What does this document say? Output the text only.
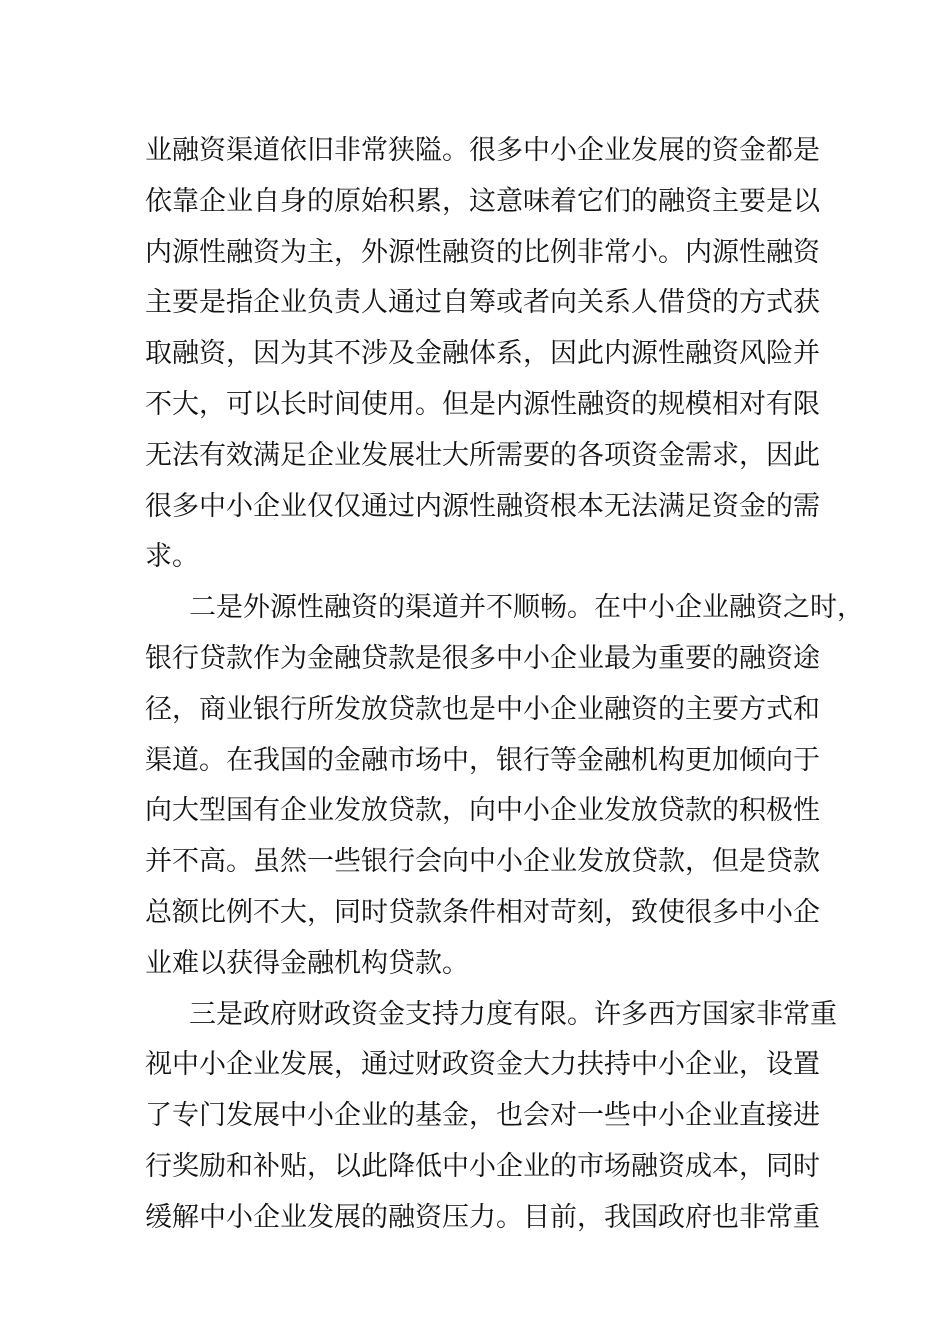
业融资渠道依旧非常狭隘。很多中小企业发展的资金都是
依靠企业自身的原始积累，这意味着它们的融资主要是以
内源性融资为主，外源性融资的比例非常小。内源性融资
主要是指企业负责人通过自筹或者向关系人借贷的方式获
取融资，因为其不涉及金融体系，因此内源性融资风险并
不大，可以长时间使用。但是内源性融资的规模相对有限
无法有效满足企业发展壮大所需要的各项资金需求，因此
很多中小企业仅仅通过内源性融资根本无法满足资金的需
求。
二是外源性融资的渠道并不顺畅。在中小企业融资之时，
银行贷款作为金融贷款是很多中小企业最为重要的融资途
径，商业银行所发放贷款也是中小企业融资的主要方式和
渠道。在我国的金融市场中，银行等金融机构更加倾向于
向大型国有企业发放贷款，向中小企业发放贷款的积极性
并不高。虽然一些银行会向中小企业发放贷款，但是贷款
总额比例不大，同时贷款条件相对苛刻，致使很多中小企
业难以获得金融机构贷款。
三是政府财政资金支持力度有限。许多西方国家非常重
视中小企业发展，通过财政资金大力扶持中小企业，设置
了专门发展中小企业的基金，也会对一些中小企业直接进
行奖励和补贴，以此降低中小企业的市场融资成本，同时
缓解中小企业发展的融资压力。目前，我国政府也非常重
